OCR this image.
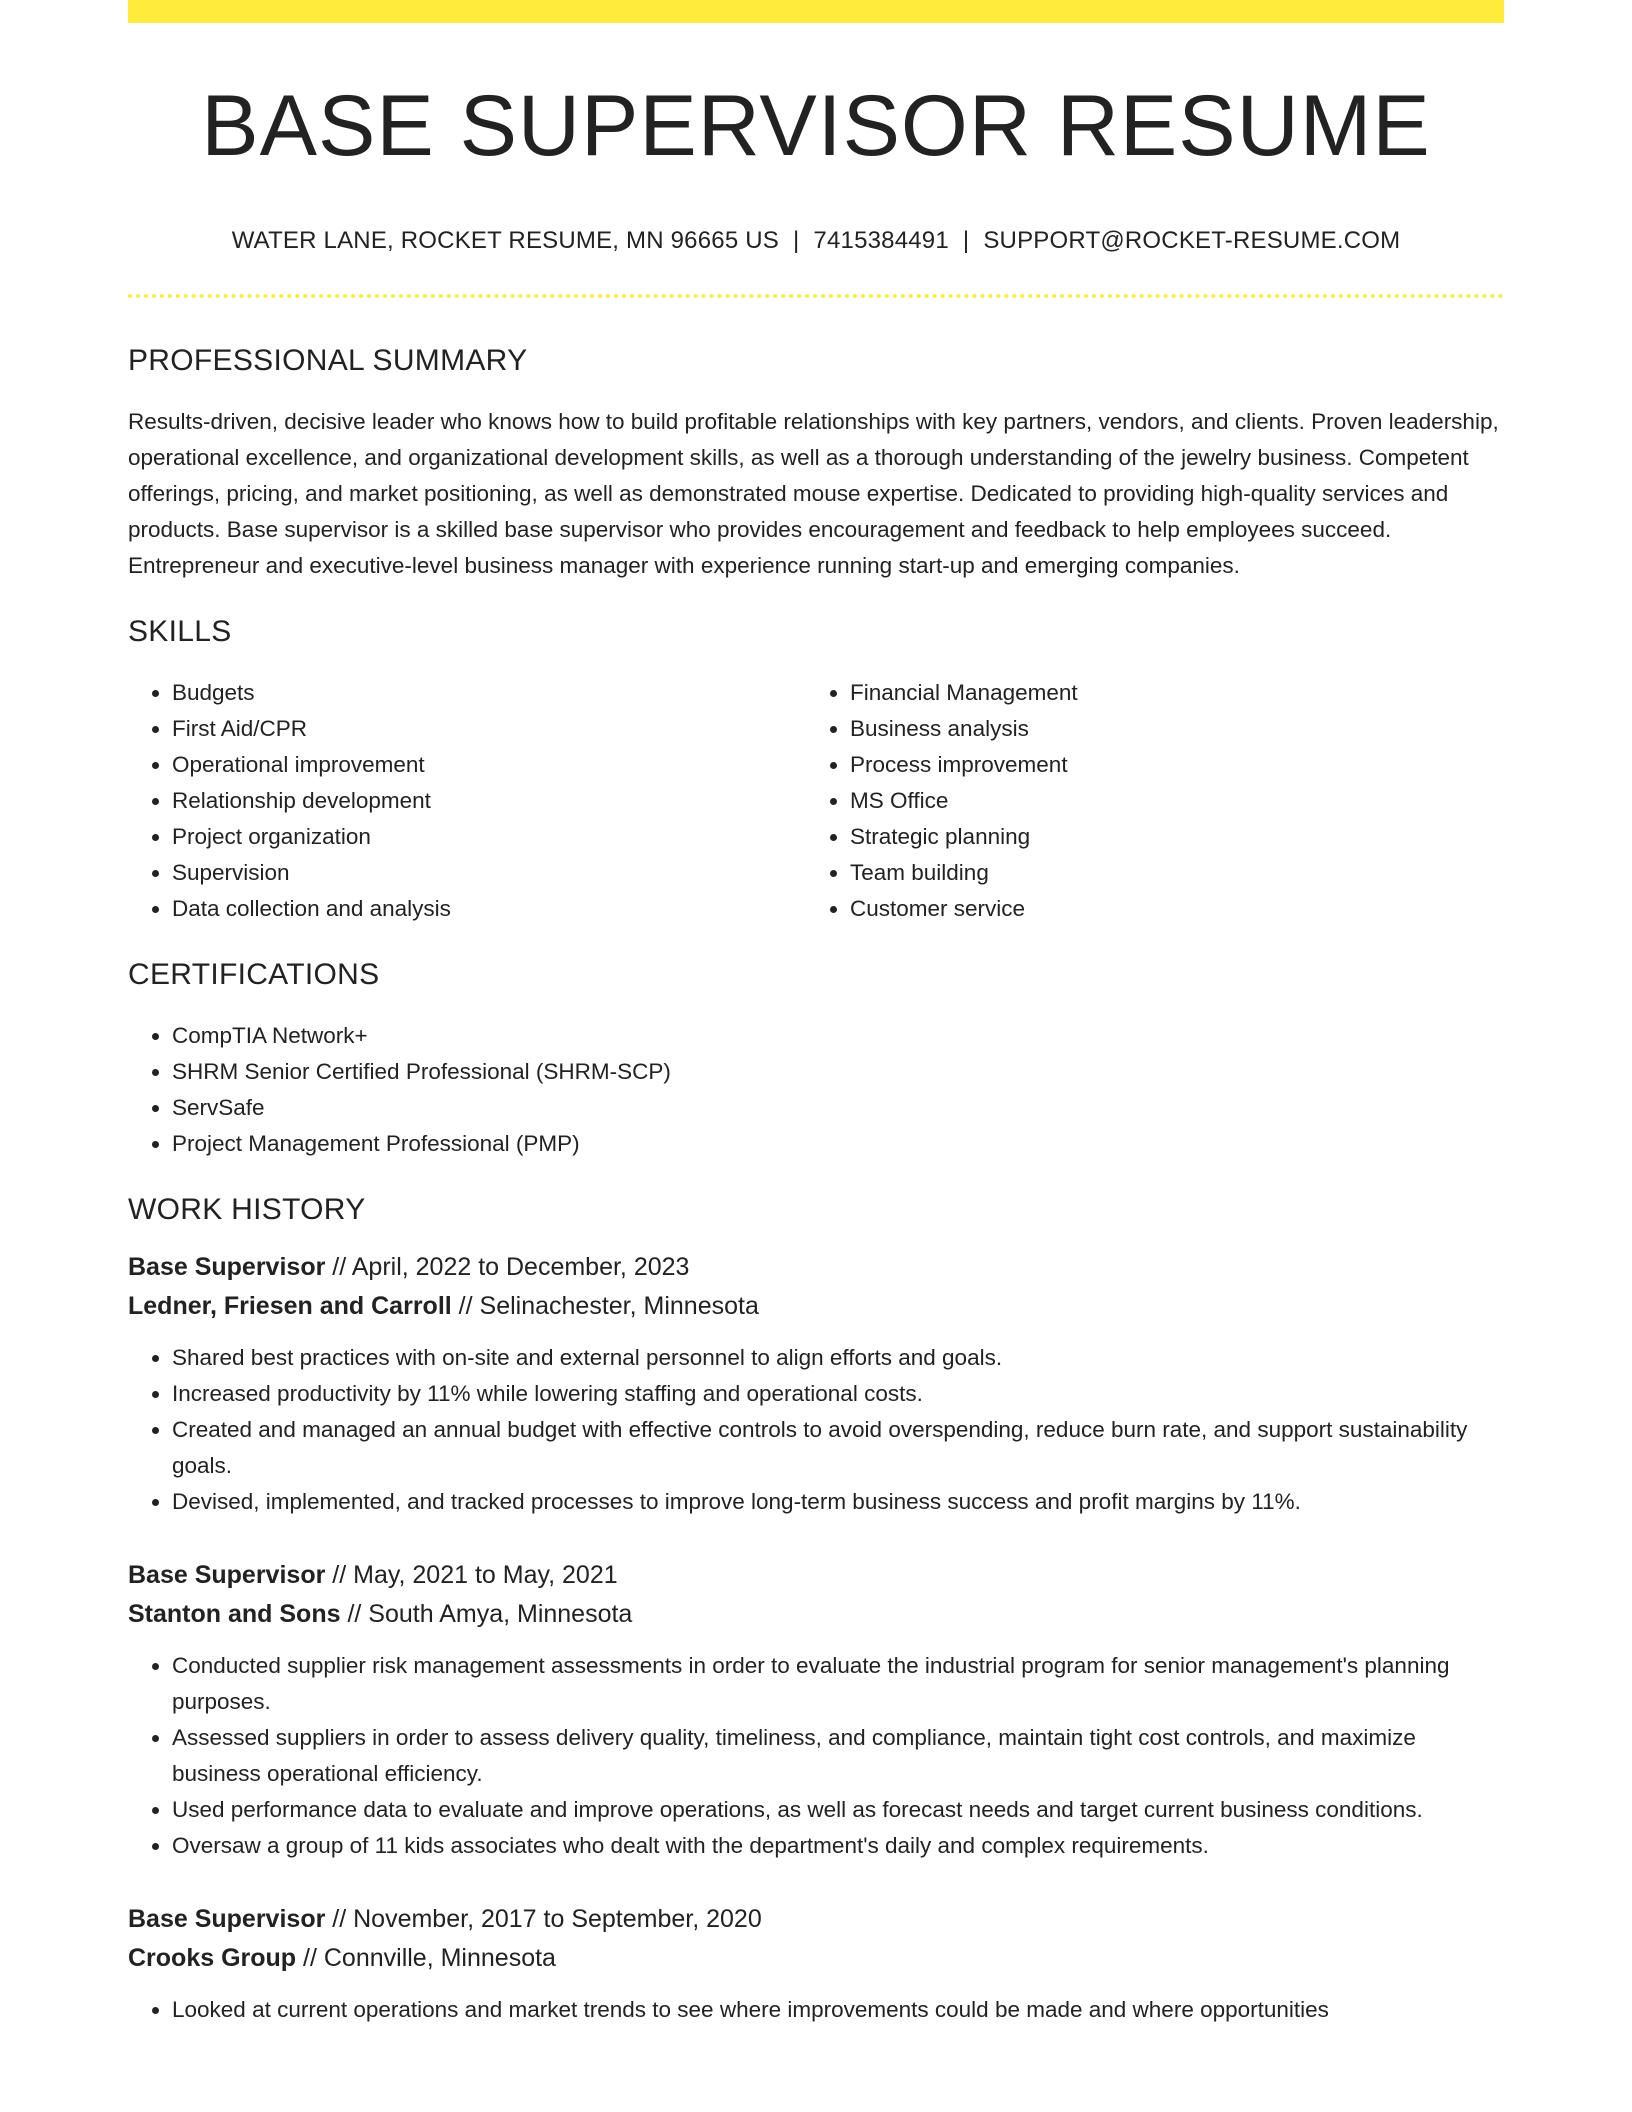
BASE SUPERVISOR RESUME
WATER LANE, ROCKET RESUME, MN 96665 US | 7415384491 | SUPPORT@ROCKET-RESUME.COM
PROFESSIONAL SUMMARY
Results-driven, decisive leader who knows how to build profitable relationships with key partners, vendors, and clients. Proven leadership, operational excellence, and organizational development skills, as well as a thorough understanding of the jewelry business. Competent offerings, pricing, and market positioning, as well as demonstrated mouse expertise. Dedicated to providing high-quality services and products. Base supervisor is a skilled base supervisor who provides encouragement and feedback to help employees succeed. Entrepreneur and executive-level business manager with experience running start-up and emerging companies.
SKILLS
• Budgets
• First Aid/CPR
• Operational improvement
• Relationship development
• Project organization
• Supervision
• Data collection and analysis
• Financial Management
• Business analysis
• Process improvement
• MS Office
• Strategic planning
• Team building
• Customer service
CERTIFICATIONS
• CompTIA Network+
• SHRM Senior Certified Professional (SHRM-SCP)
• ServSafe
• Project Management Professional (PMP)
WORK HISTORY
Base Supervisor // April, 2022 to December, 2023
Ledner, Friesen and Carroll // Selinachester, Minnesota
• Shared best practices with on-site and external personnel to align efforts and goals.
• Increased productivity by 11% while lowering staffing and operational costs.
• Created and managed an annual budget with effective controls to avoid overspending, reduce burn rate, and support sustainability goals.
• Devised, implemented, and tracked processes to improve long-term business success and profit margins by 11%.
Base Supervisor // May, 2021 to May, 2021
Stanton and Sons // South Amya, Minnesota
• Conducted supplier risk management assessments in order to evaluate the industrial program for senior management's planning purposes.
• Assessed suppliers in order to assess delivery quality, timeliness, and compliance, maintain tight cost controls, and maximize business operational efficiency.
• Used performance data to evaluate and improve operations, as well as forecast needs and target current business conditions.
• Oversaw a group of 11 kids associates who dealt with the department's daily and complex requirements.
Base Supervisor // November, 2017 to September, 2020
Crooks Group // Connville, Minnesota
• Looked at current operations and market trends to see where improvements could be made and where opportunities
